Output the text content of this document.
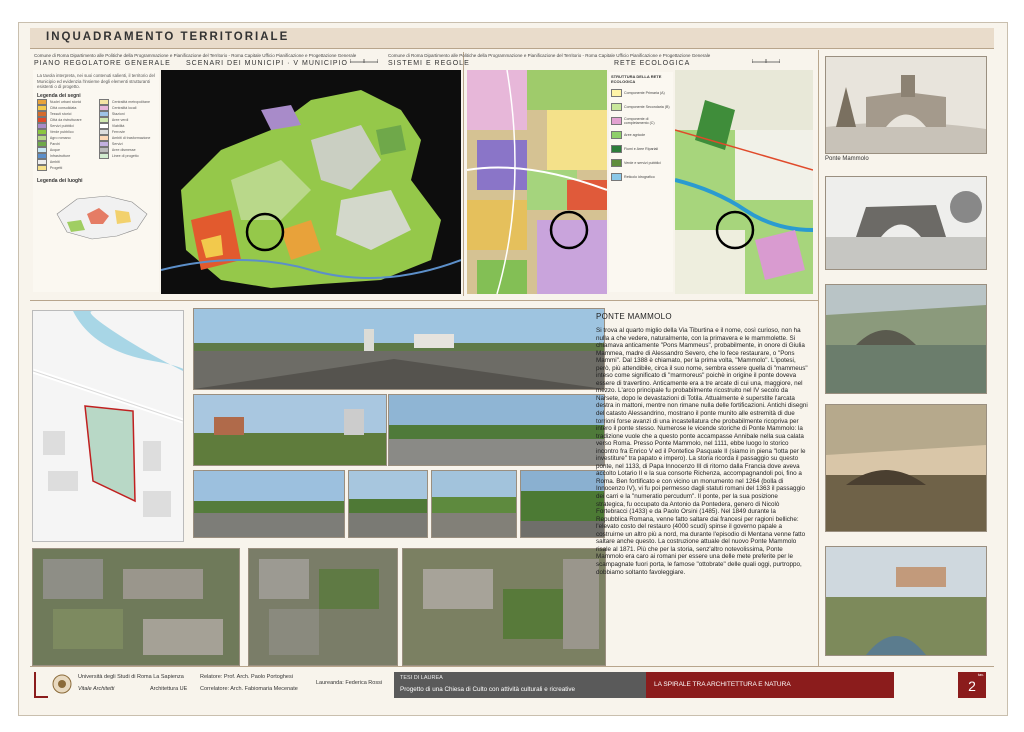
INQUADRAMENTO TERRITORIALE
Comune di Roma Dipartimento alle Politiche della Programmazione e Pianificazione del Territorio - Roma Capitale Ufficio Pianificazione e Progettazione Generale
PIANO REGOLATORE GENERALE SCENARI DEI MUNICIPI · V MUNICIPIO
La tavola interpreta, nei suoi contenuti salienti, il territorio del Municipio ed evidenzia l'insieme degli elementi strutturanti esistenti o di progetto.
Legenda dei segni
Nuclei urbani storici
Città consolidata
Tessuti storici
Città da ristrutturare
Servizi pubblici
Verde pubblico
Agro romano
Parchi
Acque
Infrastrutture
Ambiti
Progetti
Centralità metropolitane
Centralità locali
Stazioni
Aree verdi
Viabilità
Ferrovie
Ambiti di trasformazione
Servizi
Aree dismesse
Linee di progetto
Legenda dei luoghi
Comune di Roma Dipartimento alle Politiche della Programmazione e Pianificazione del Territorio - Roma Capitale Ufficio Pianificazione e Progettazione Generale
SISTEMI E REGOLE	RETE ECOLOGICA
STRUTTURA DELLA RETE ECOLOGICA
Componente Primaria (A)
Componente Secondaria (B)
Componente di completamento (C)
Aree agricole
Fiumi e Aree Ripariali
Verde e servizi pubblici
Reticolo idrografico
Ponte Mammolo
PONTE MAMMOLO

Si trova al quarto miglio della Via Tiburtina e il nome, così curioso, non ha nulla a che vedere, naturalmente, con la primavera e le mammolette. Si chiamava anticamente "Pons Mammeus", probabilmente, in onore di Giulia Mammea, madre di Alessandro Severo, che lo fece restaurare, o "Pons Mammi". Dal 1388 è chiamato, per la prima volta, "Mammolo". L'ipotesi, però, più attendibile, circa il suo nome, sembra essere quella di "mammeus" inteso come significato di "marmoreus" poichè in origine il ponte doveva essere di travertino. Anticamente era a tre arcate di cui una, maggiore, nel mezzo. L'arco principale fu probabilmente ricostruito nel IV secolo da Narsete, dopo le devastazioni di Totila. Attualmente è superstite l'arcata destra in mattoni, mentre non rimane nulla delle fortificazioni. Antichi disegni del catasto Alessandrino, mostrano il ponte munito alle estremità di due torrioni forse avanzi di una incastellatura che probabilmente ricopriva per intero il ponte stesso. Numerose le vicende storiche di Ponte Mammolo: la tradizione vuole che a questo ponte accampasse Annibale nella sua calata verso Roma. Presso Ponte Mammolo, nel 1111, ebbe luogo lo storico incontro fra Enrico V ed il Pontefice Pasquale II (siamo in piena "lotta per le investiture" tra papato e impero). La storia ricorda il passaggio su questo ponte, nel 1133, di Papa Innocenzo III di ritorno dalla Francia dove aveva accolto Lotario II e la sua consorte Richenza, accompagnandoli poi, fino a Roma. Ben fortificato e con vicino un monumento nel 1264 (bolla di Innocenzo IV), vi fu poi permesso dagli statuti romani del 1363 il passaggio dei carri e la "numeratio percudum". Il ponte, per la sua posizione strategica, fu occupato da Antonio da Pontedera, genero di Nicolò Fortebracci (1433) e da Paolo Orsini (1485). Nel 1849 durante la Repubblica Romana, venne fatto saltare dai francesi per ragioni belliche: l'elevato costo del restauro (4000 scudi) spinse il governo papale a costruirne un altro più a nord, ma durante l'episodio di Mentana venne fatto saltare anche questo. La costruzione attuale del nuovo Ponte Mammolo risale al 1871. Più che per la storia, senz'altro notevolissima, Ponte Mammolo era caro ai romani per essere una delle mete preferite per le scampagnate fuori porta, le famose "ottobrate" delle quali oggi, purtroppo, dobbiamo soltanto favoleggiare.

Università degli Studi di Roma La Sapienza
Vitale Architetti	Architettura UE
Relatore: Prof. Arch. Paolo Portoghesi
Correlatore: Arch. Fabiomaria Mecenate
Laureanda: Federica Rossi
TESI DI LAUREA
Progetto di una Chiesa di Culto con attività culturali e ricreative
LA SPIRALE TRA ARCHITETTURA E NATURA
tav.
2
